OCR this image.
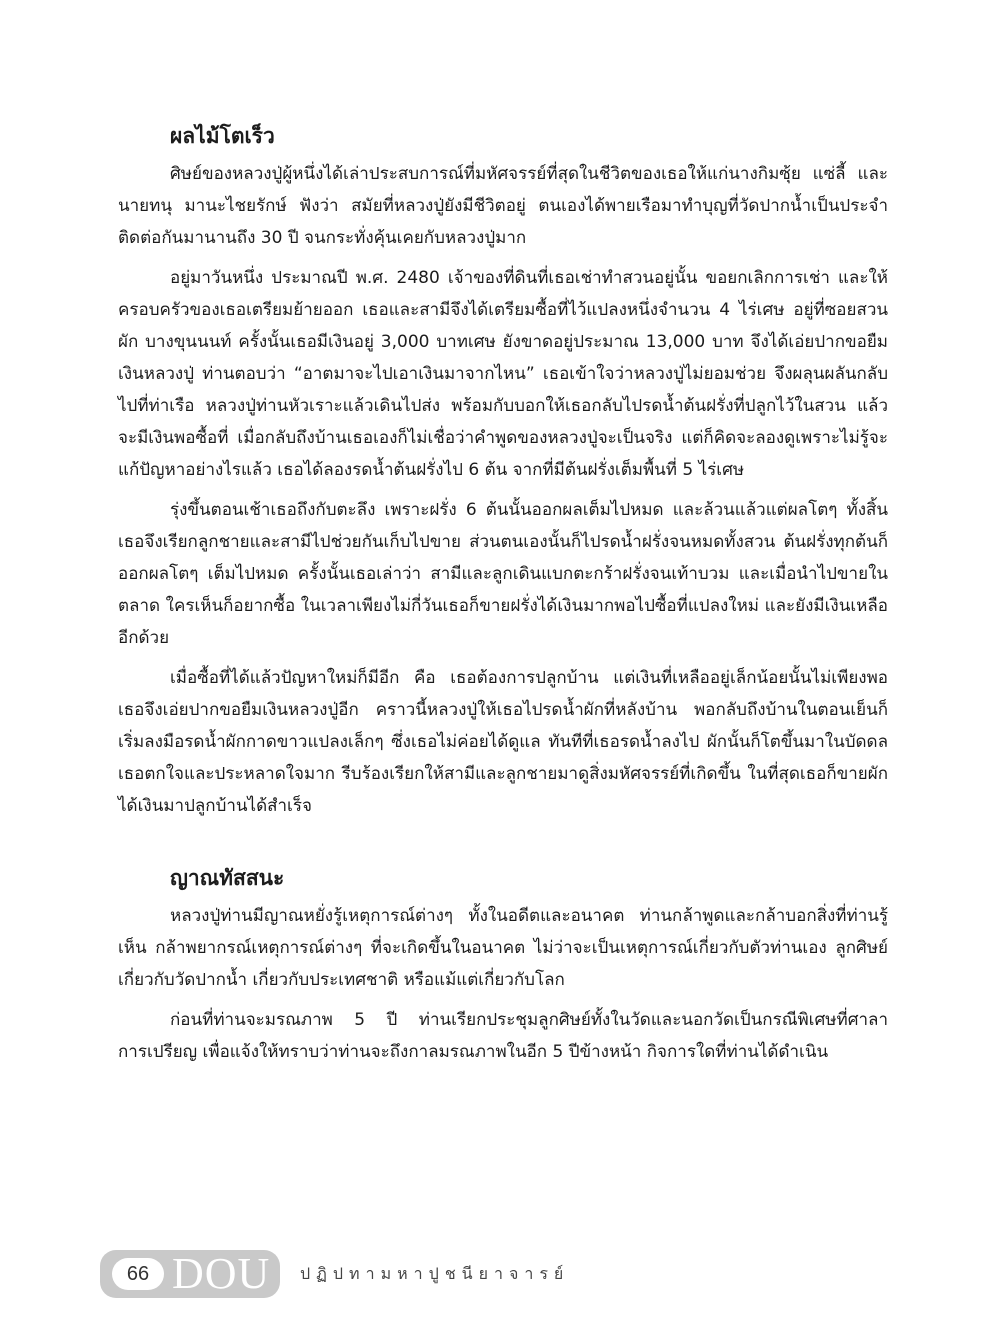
ผลไม้โตเร็ว

ศิษย์ของหลวงปู่ผู้หนึ่งได้เล่าประสบการณ์ที่มหัศจรรย์ที่สุดในชีวิตของเธอให้แก่นางกิมซุ้ย แซ่ลี้ และนายทนุ มานะไชยรักษ์ ฟังว่า สมัยที่หลวงปู่ยังมีชีวิตอยู่ ตนเองได้พายเรือมาทำบุญที่วัดปากน้ำเป็นประจำติดต่อกันมานานถึง 30 ปี จนกระทั่งคุ้นเคยกับหลวงปู่มาก

อยู่มาวันหนึ่ง ประมาณปี พ.ศ. 2480 เจ้าของที่ดินที่เธอเช่าทำสวนอยู่นั้น ขอยกเลิกการเช่า และให้ครอบครัวของเธอเตรียมย้ายออก เธอและสามีจึงได้เตรียมซื้อที่ไว้แปลงหนึ่งจำนวน 4 ไร่เศษ อยู่ที่ซอยสวนผัก บางขุนนนท์ ครั้งนั้นเธอมีเงินอยู่ 3,000 บาทเศษ ยังขาดอยู่ประมาณ 13,000 บาท จึงได้เอ่ยปากขอยืมเงินหลวงปู่ ท่านตอบว่า “อาตมาจะไปเอาเงินมาจากไหน” เธอเข้าใจว่าหลวงปู่ไม่ยอมช่วย จึงผลุนผลันกลับไปที่ท่าเรือ หลวงปู่ท่านหัวเราะแล้วเดินไปส่ง พร้อมกับบอกให้เธอกลับไปรดน้ำต้นฝรั่งที่ปลูกไว้ในสวน แล้วจะมีเงินพอซื้อที่ เมื่อกลับถึงบ้านเธอเองก็ไม่เชื่อว่าคำพูดของหลวงปู่จะเป็นจริง แต่ก็คิดจะลองดูเพราะไม่รู้จะแก้ปัญหาอย่างไรแล้ว เธอได้ลองรดน้ำต้นฝรั่งไป 6 ต้น จากที่มีต้นฝรั่งเต็มพื้นที่ 5 ไร่เศษ

รุ่งขึ้นตอนเช้าเธอถึงกับตะลึง เพราะฝรั่ง 6 ต้นนั้นออกผลเต็มไปหมด และล้วนแล้วแต่ผลโตๆ ทั้งสิ้น เธอจึงเรียกลูกชายและสามีไปช่วยกันเก็บไปขาย ส่วนตนเองนั้นก็ไปรดน้ำฝรั่งจนหมดทั้งสวน ต้นฝรั่งทุกต้นก็ออกผลโตๆ เต็มไปหมด ครั้งนั้นเธอเล่าว่า สามีและลูกเดินแบกตะกร้าฝรั่งจนเท้าบวม และเมื่อนำไปขายในตลาด ใครเห็นก็อยากซื้อ ในเวลาเพียงไม่กี่วันเธอก็ขายฝรั่งได้เงินมากพอไปซื้อที่แปลงใหม่ และยังมีเงินเหลืออีกด้วย

เมื่อซื้อที่ได้แล้วปัญหาใหม่ก็มีอีก คือ เธอต้องการปลูกบ้าน แต่เงินที่เหลืออยู่เล็กน้อยนั้นไม่เพียงพอ เธอจึงเอ่ยปากขอยืมเงินหลวงปู่อีก คราวนี้หลวงปู่ให้เธอไปรดน้ำผักที่หลังบ้าน พอกลับถึงบ้านในตอนเย็นก็เริ่มลงมือรดน้ำผักกาดขาวแปลงเล็กๆ ซึ่งเธอไม่ค่อยได้ดูแล ทันทีที่เธอรดน้ำลงไป ผักนั้นก็โตขึ้นมาในบัดดล เธอตกใจและประหลาดใจมาก รีบร้องเรียกให้สามีและลูกชายมาดูสิ่งมหัศจรรย์ที่เกิดขึ้น ในที่สุดเธอก็ขายผักได้เงินมาปลูกบ้านได้สำเร็จ

ญาณทัสสนะ

หลวงปู่ท่านมีญาณหยั่งรู้เหตุการณ์ต่างๆ ทั้งในอดีตและอนาคต ท่านกล้าพูดและกล้าบอกสิ่งที่ท่านรู้เห็น กล้าพยากรณ์เหตุการณ์ต่างๆ ที่จะเกิดขึ้นในอนาคต ไม่ว่าจะเป็นเหตุการณ์เกี่ยวกับตัวท่านเอง ลูกศิษย์ เกี่ยวกับวัดปากน้ำ เกี่ยวกับประเทศชาติ หรือแม้แต่เกี่ยวกับโลก

ก่อนที่ท่านจะมรณภาพ 5 ปี ท่านเรียกประชุมลูกศิษย์ทั้งในวัดและนอกวัดเป็นกรณีพิเศษที่ศาลาการเปรียญ เพื่อแจ้งให้ทราบว่าท่านจะถึงกาลมรณภาพในอีก 5 ปีข้างหน้า กิจการใดที่ท่านได้ดำเนิน

66 DOU ปฏิปทามหาปูชนียาจารย์
